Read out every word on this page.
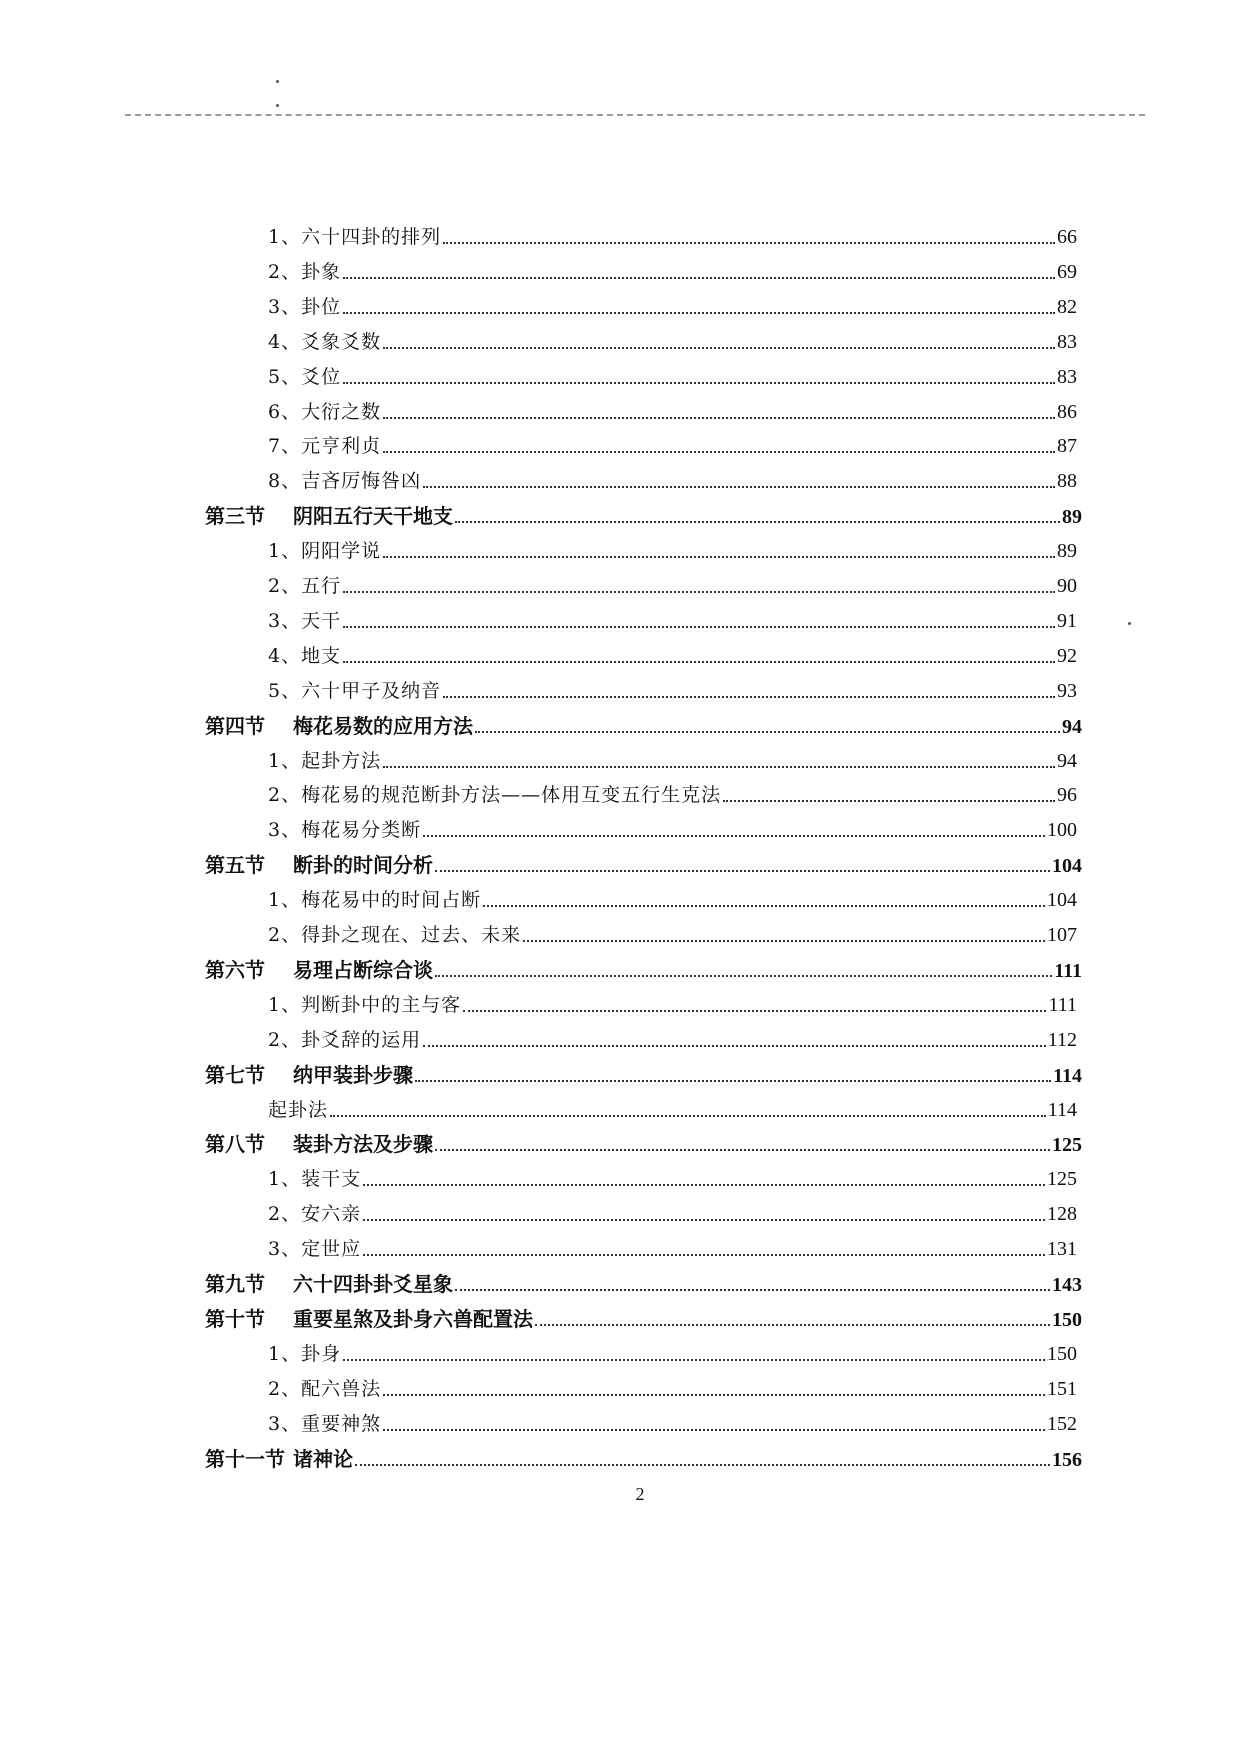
1、六十四卦的排列	66
2、卦象	69
3、卦位	82
4、爻象爻数	83
5、爻位	83
6、大衍之数	86
7、元亨利贞	87
8、吉吝厉悔咎凶	88
第三节	阴阳五行天干地支	89
1、阴阳学说	89
2、五行	90
3、天干	91
4、地支	92
5、六十甲子及纳音	93
第四节	梅花易数的应用方法	94
1、起卦方法	94
2、梅花易的规范断卦方法——体用互变五行生克法	96
3、梅花易分类断	100
第五节	断卦的时间分析	104
1、梅花易中的时间占断	104
2、得卦之现在、过去、未来	107
第六节	易理占断综合谈	111
1、判断卦中的主与客	111
2、卦爻辞的运用	112
第七节	纳甲装卦步骤	114
起卦法	114
第八节	装卦方法及步骤	125
1、装干支	125
2、安六亲	128
3、定世应	131
第九节	六十四卦卦爻星象	143
第十节	重要星煞及卦身六兽配置法	150
1、卦身	150
2、配六兽法	151
3、重要神煞	152
第十一节 诸神论	156
2
